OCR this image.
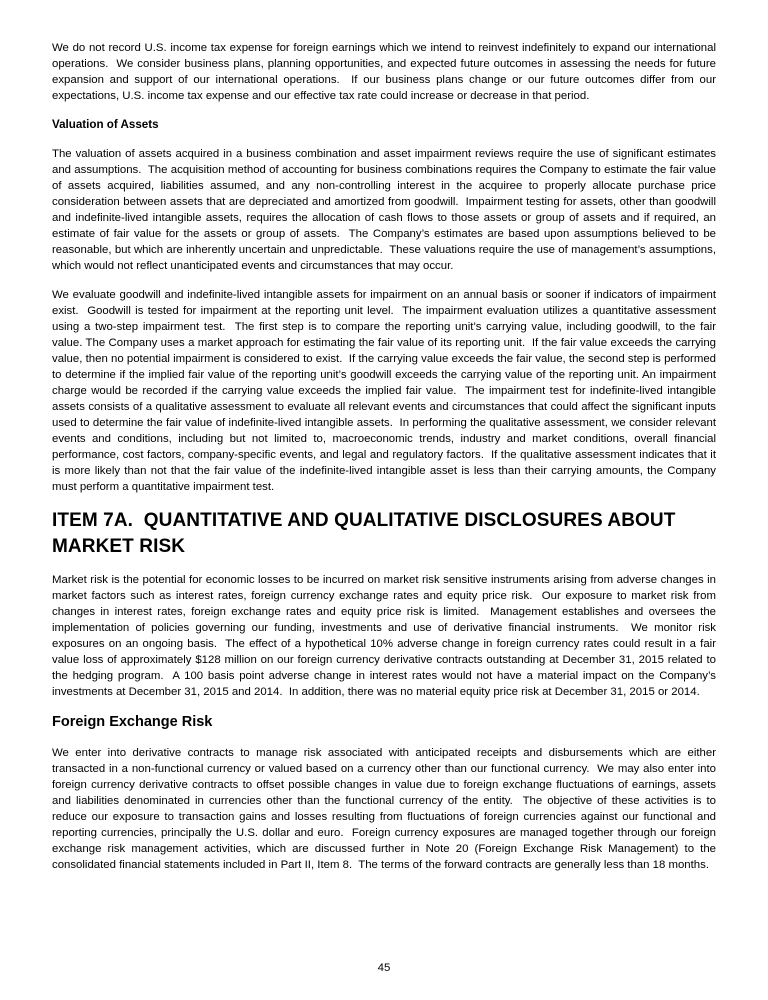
We do not record U.S. income tax expense for foreign earnings which we intend to reinvest indefinitely to expand our international operations.  We consider business plans, planning opportunities, and expected future outcomes in assessing the needs for future expansion and support of our international operations.  If our business plans change or our future outcomes differ from our expectations, U.S. income tax expense and our effective tax rate could increase or decrease in that period.

Valuation of Assets

The valuation of assets acquired in a business combination and asset impairment reviews require the use of significant estimates and assumptions.  The acquisition method of accounting for business combinations requires the Company to estimate the fair value of assets acquired, liabilities assumed, and any non-controlling interest in the acquiree to properly allocate purchase price consideration between assets that are depreciated and amortized from goodwill.  Impairment testing for assets, other than goodwill and indefinite-lived intangible assets, requires the allocation of cash flows to those assets or group of assets and if required, an estimate of fair value for the assets or group of assets.  The Company’s estimates are based upon assumptions believed to be reasonable, but which are inherently uncertain and unpredictable.  These valuations require the use of management’s assumptions, which would not reflect unanticipated events and circumstances that may occur.

We evaluate goodwill and indefinite-lived intangible assets for impairment on an annual basis or sooner if indicators of impairment exist.  Goodwill is tested for impairment at the reporting unit level.  The impairment evaluation utilizes a quantitative assessment using a two-step impairment test.  The first step is to compare the reporting unit’s carrying value, including goodwill, to the fair value. The Company uses a market approach for estimating the fair value of its reporting unit.  If the fair value exceeds the carrying value, then no potential impairment is considered to exist.  If the carrying value exceeds the fair value, the second step is performed to determine if the implied fair value of the reporting unit’s goodwill exceeds the carrying value of the reporting unit. An impairment charge would be recorded if the carrying value exceeds the implied fair value.  The impairment test for indefinite-lived intangible assets consists of a qualitative assessment to evaluate all relevant events and circumstances that could affect the significant inputs used to determine the fair value of indefinite-lived intangible assets.  In performing the qualitative assessment, we consider relevant events and conditions, including but not limited to, macroeconomic trends, industry and market conditions, overall financial performance, cost factors, company-specific events, and legal and regulatory factors.  If the qualitative assessment indicates that it is more likely than not that the fair value of the indefinite-lived intangible asset is less than their carrying amounts, the Company must perform a quantitative impairment test.

ITEM 7A.  QUANTITATIVE AND QUALITATIVE DISCLOSURES ABOUT MARKET RISK

Market risk is the potential for economic losses to be incurred on market risk sensitive instruments arising from adverse changes in market factors such as interest rates, foreign currency exchange rates and equity price risk.  Our exposure to market risk from changes in interest rates, foreign exchange rates and equity price risk is limited.  Management establishes and oversees the implementation of policies governing our funding, investments and use of derivative financial instruments.  We monitor risk exposures on an ongoing basis.  The effect of a hypothetical 10% adverse change in foreign currency rates could result in a fair value loss of approximately $128 million on our foreign currency derivative contracts outstanding at December 31, 2015 related to the hedging program.  A 100 basis point adverse change in interest rates would not have a material impact on the Company’s investments at December 31, 2015 and 2014.  In addition, there was no material equity price risk at December 31, 2015 or 2014.

Foreign Exchange Risk

We enter into derivative contracts to manage risk associated with anticipated receipts and disbursements which are either transacted in a non-functional currency or valued based on a currency other than our functional currency.  We may also enter into foreign currency derivative contracts to offset possible changes in value due to foreign exchange fluctuations of earnings, assets and liabilities denominated in currencies other than the functional currency of the entity.  The objective of these activities is to reduce our exposure to transaction gains and losses resulting from fluctuations of foreign currencies against our functional and reporting currencies, principally the U.S. dollar and euro.  Foreign currency exposures are managed together through our foreign exchange risk management activities, which are discussed further in Note 20 (Foreign Exchange Risk Management) to the consolidated financial statements included in Part II, Item 8.  The terms of the forward contracts are generally less than 18 months.

45
